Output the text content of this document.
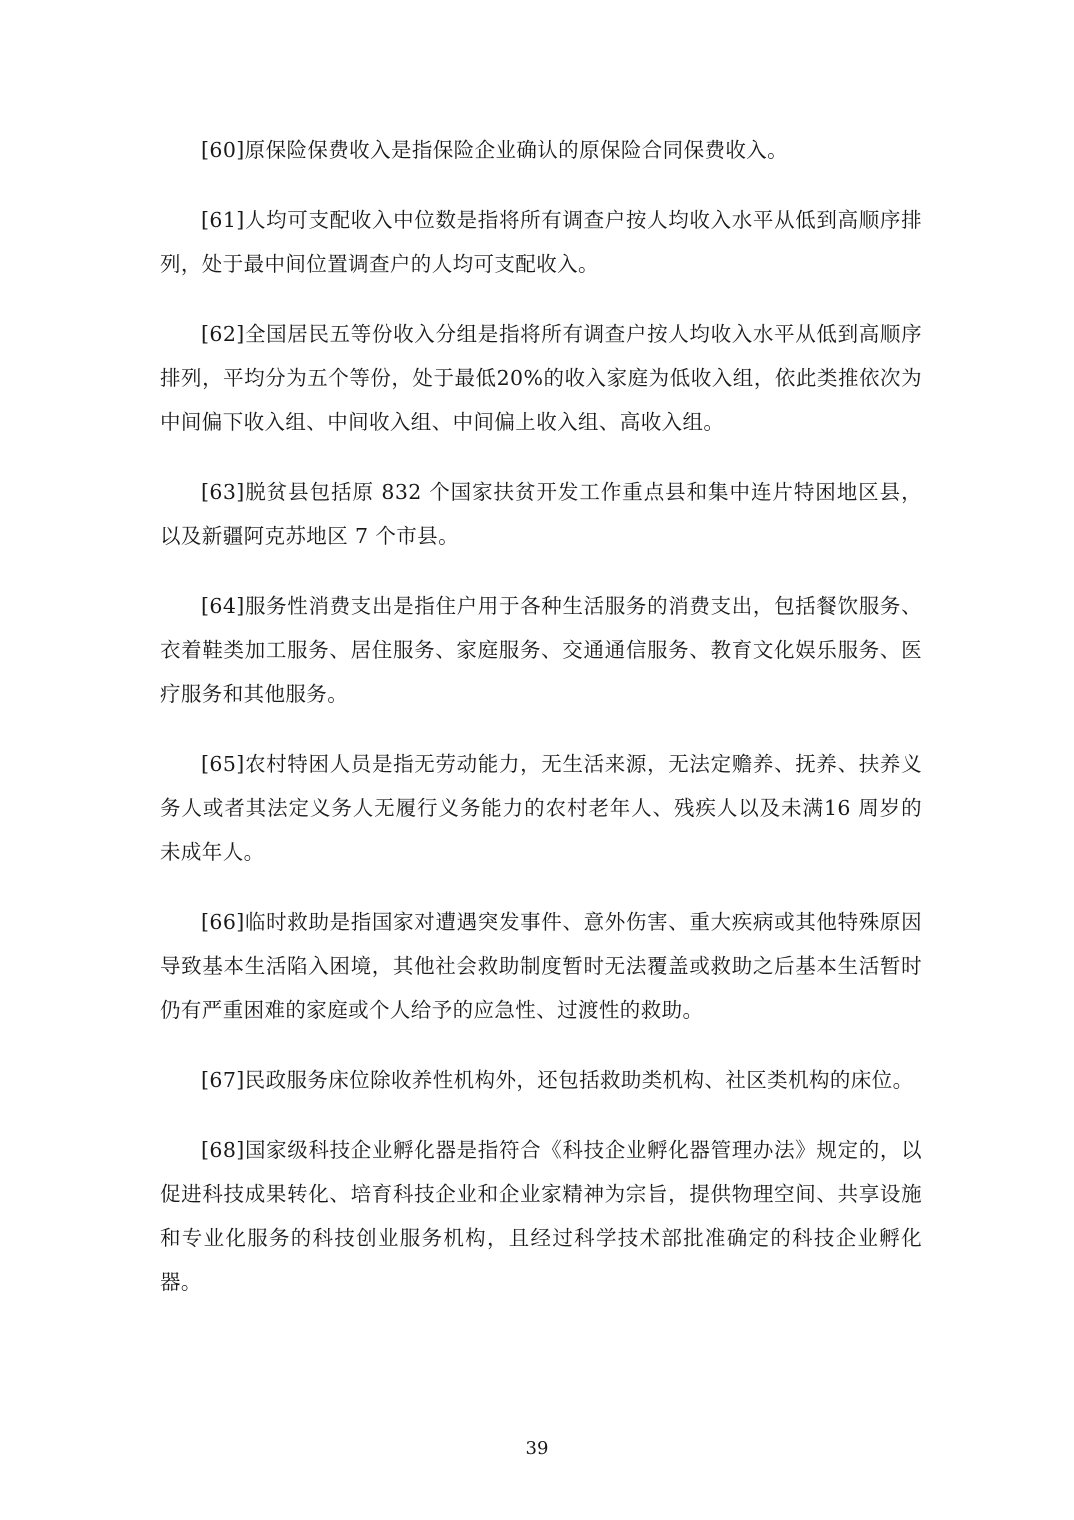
[60]原保险保费收入是指保险企业确认的原保险合同保费收入。

[61]人均可支配收入中位数是指将所有调查户按人均收入水平从低到高顺序排列，处于最中间位置调查户的人均可支配收入。

[62]全国居民五等份收入分组是指将所有调查户按人均收入水平从低到高顺序排列，平均分为五个等份，处于最低20%的收入家庭为低收入组，依此类推依次为中间偏下收入组、中间收入组、中间偏上收入组、高收入组。

[63]脱贫县包括原 832 个国家扶贫开发工作重点县和集中连片特困地区县，以及新疆阿克苏地区 7 个市县。

[64]服务性消费支出是指住户用于各种生活服务的消费支出，包括餐饮服务、衣着鞋类加工服务、居住服务、家庭服务、交通通信服务、教育文化娱乐服务、医疗服务和其他服务。

[65]农村特困人员是指无劳动能力，无生活来源，无法定赡养、抚养、扶养义务人或者其法定义务人无履行义务能力的农村老年人、残疾人以及未满16 周岁的未成年人。

[66]临时救助是指国家对遭遇突发事件、意外伤害、重大疾病或其他特殊原因导致基本生活陷入困境，其他社会救助制度暂时无法覆盖或救助之后基本生活暂时仍有严重困难的家庭或个人给予的应急性、过渡性的救助。

[67]民政服务床位除收养性机构外，还包括救助类机构、社区类机构的床位。

[68]国家级科技企业孵化器是指符合《科技企业孵化器管理办法》规定的，以促进科技成果转化、培育科技企业和企业家精神为宗旨，提供物理空间、共享设施和专业化服务的科技创业服务机构，且经过科学技术部批准确定的科技企业孵化器。

39
